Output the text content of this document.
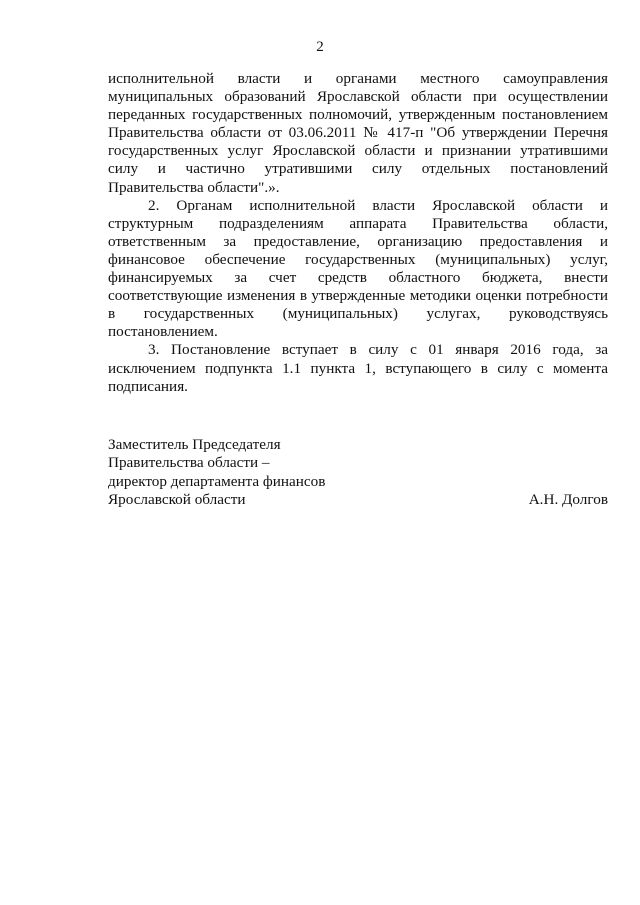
2

исполнительной власти и органами местного самоуправления муниципальных образований Ярославской области при осуществлении переданных государственных полномочий, утвержденным постановлением Правительства области от 03.06.2011 № 417-п "Об утверждении Перечня государственных услуг Ярославской области и признании утратившими силу и частично утратившими силу отдельных постановлений Правительства области".».

2. Органам исполнительной власти Ярославской области и структурным подразделениям аппарата Правительства области, ответственным за предоставление, организацию предоставления и финансовое обеспечение государственных (муниципальных) услуг, финансируемых за счет средств областного бюджета, внести соответствующие изменения в утвержденные методики оценки потребности в государственных (муниципальных) услугах, руководствуясь постановлением.

3. Постановление вступает в силу с 01 января 2016 года, за исключением подпункта 1.1 пункта 1, вступающего в силу с момента подписания.

Заместитель Председателя
Правительства области –
директор департамента финансов
Ярославской области	А.Н. Долгов
